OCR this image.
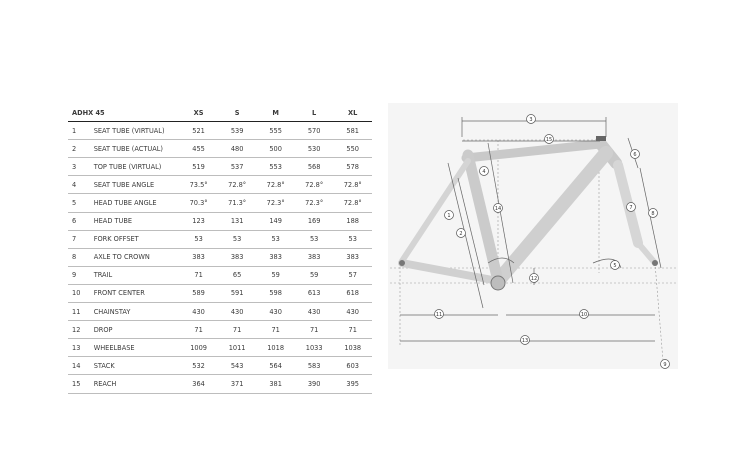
ADHX 45		XS	S	M	L	XL
1	SEAT TUBE (VIRTUAL)	521	539	555	570	581
2	SEAT TUBE (ACTUAL)	455	480	500	530	550
3	TOP TUBE (VIRTUAL)	519	537	553	568	578
4	SEAT TUBE ANGLE	73.5°	72.8°	72.8°	72.8°	72.8°
5	HEAD TUBE ANGLE	70.3°	71.3°	72.3°	72.3°	72.8°
6	HEAD TUBE	123	131	149	169	188
7	FORK OFFSET	53	53	53	53	53
8	AXLE TO CROWN	383	383	383	383	383
9	TRAIL	71	65	59	59	57
10	FRONT CENTER	589	591	598	613	618
11	CHAINSTAY	430	430	430	430	430
12	DROP	71	71	71	71	71
13	WHEELBASE	1009	1011	1018	1033	1038
14	STACK	532	543	564	583	603
15	REACH	364	371	381	390	395
1
2
3
4
5
6
7
8
9
10
11
12
13
14
15
